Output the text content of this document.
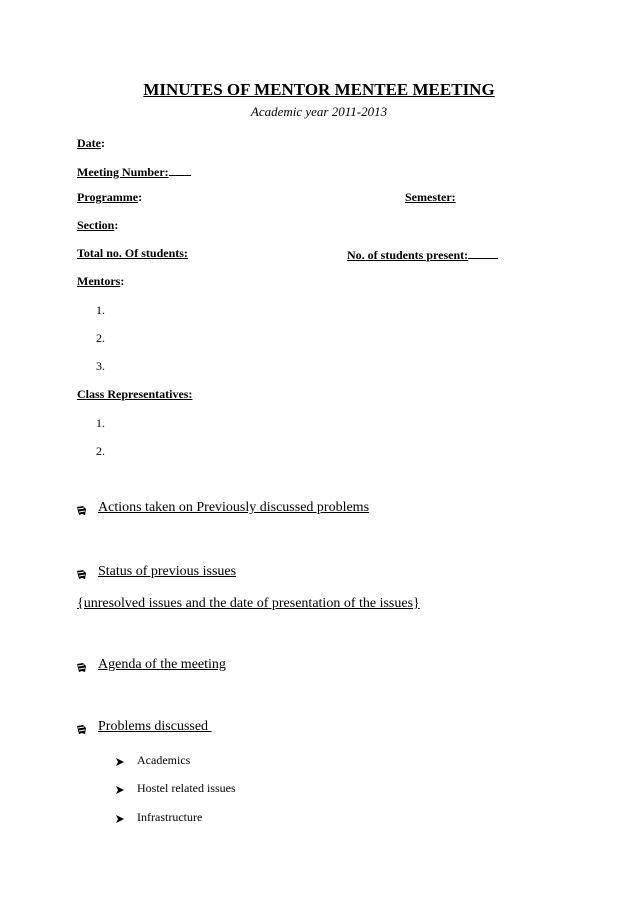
MINUTES OF MENTOR MENTEE MEETING
Academic year 2011-2013
Date:
Meeting Number:
Programme:	Semester:
Section:
Total no. Of students:	No. of students present:
Mentors:
1.
2.
3.
Class Representatives:
1.
2.
Actions taken on Previously discussed problems
Status of previous issues
{unresolved issues and the date of presentation of the issues}
Agenda of the meeting
Problems discussed
Academics
Hostel related issues
Infrastructure
